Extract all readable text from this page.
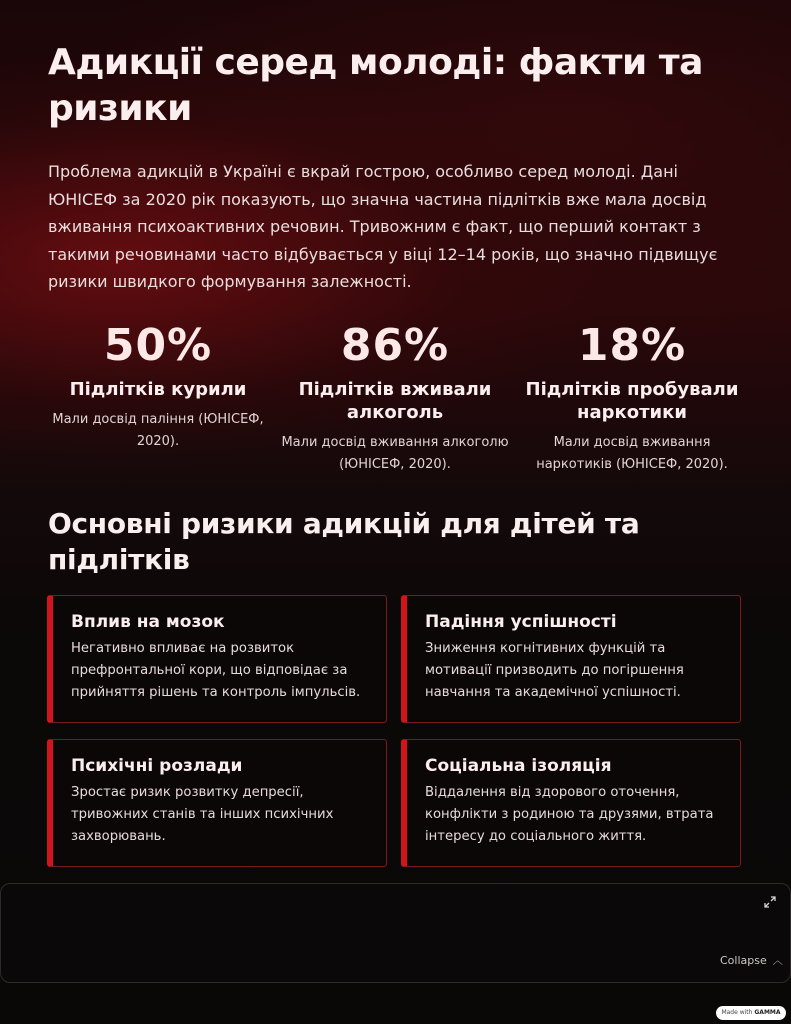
Адикції серед молоді: факти та ризики

Проблема адикцій в Україні є вкрай гострою, особливо серед молоді. Дані ЮНІСЕФ за 2020 рік показують, що значна частина підлітків вже мала досвід вживання психоактивних речовин. Тривожним є факт, що перший контакт з такими речовинами часто відбувається у віці 12–14 років, що значно підвищує ризики швидкого формування залежності.

50%
Підлітків курили
Мали досвід паління (ЮНІСЕФ, 2020).
86%
Підлітків вживали алкоголь
Мали досвід вживання алкоголю (ЮНІСЕФ, 2020).
18%
Підлітків пробували наркотики
Мали досвід вживання наркотиків (ЮНІСЕФ, 2020).
Основні ризики адикцій для дітей та підлітків
Вплив на мозок
Негативно впливає на розвиток префронтальної кори, що відповідає за прийняття рішень та контроль імпульсів.
Падіння успішності
Зниження когнітивних функцій та мотивації призводить до погіршення навчання та академічної успішності.
Психічні розлади
Зростає ризик розвитку депресії, тривожних станів та інших психічних захворювань.
Соціальна ізоляція
Віддалення від здорового оточення, конфлікти з родиною та друзями, втрата інтересу до соціального життя.
Collapse ︿
Made with GAMMA
